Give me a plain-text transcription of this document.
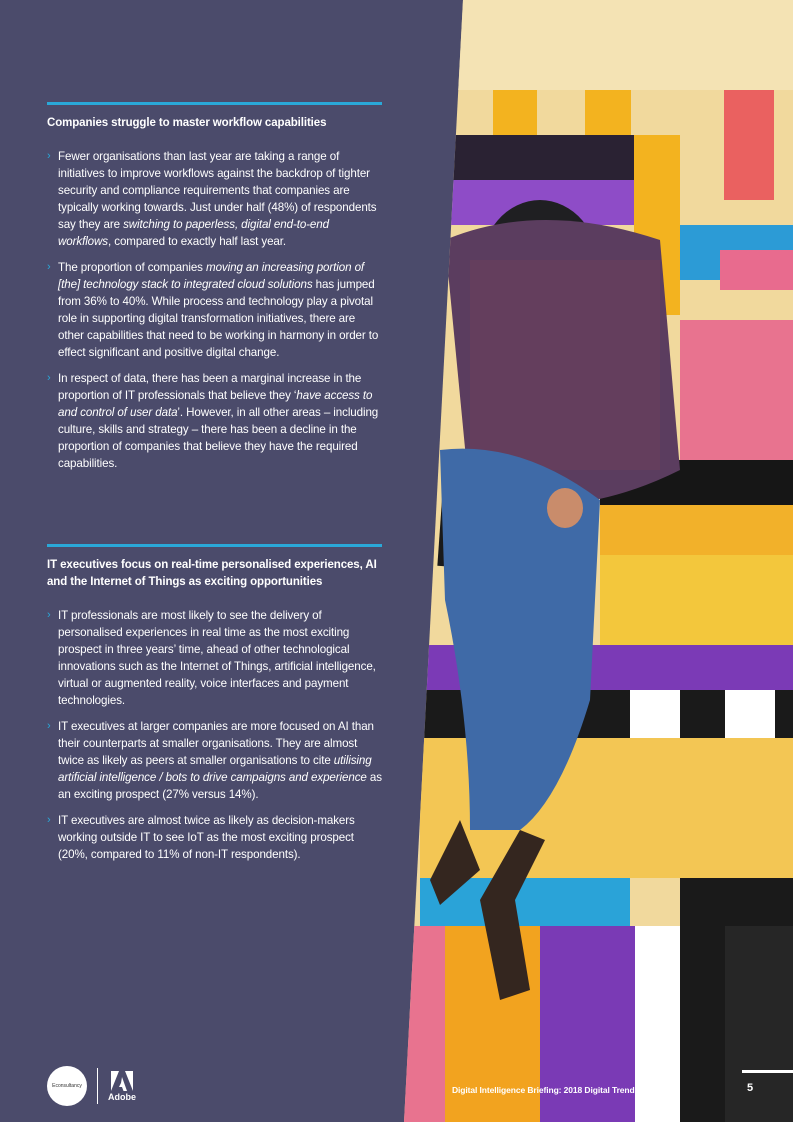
Companies struggle to master workflow capabilities
› Fewer organisations than last year are taking a range of initiatives to improve workflows against the backdrop of tighter security and compliance requirements that companies are typically working towards. Just under half (48%) of respondents say they are switching to paperless, digital end-to-end workflows, compared to exactly half last year.
› The proportion of companies moving an increasing portion of [the] technology stack to integrated cloud solutions has jumped from 36% to 40%. While process and technology play a pivotal role in supporting digital transformation initiatives, there are other capabilities that need to be working in harmony in order to effect significant and positive digital change.
› In respect of data, there has been a marginal increase in the proportion of IT professionals that believe they ‘have access to and control of user data’. However, in all other areas – including culture, skills and strategy – there has been a decline in the proportion of companies that believe they have the required capabilities.
IT executives focus on real-time personalised experiences, AI and the Internet of Things as exciting opportunities
› IT professionals are most likely to see the delivery of personalised experiences in real time as the most exciting prospect in three years’ time, ahead of other technological innovations such as the Internet of Things, artificial intelligence, virtual or augmented reality, voice interfaces and payment technologies.
› IT executives at larger companies are more focused on AI than their counterparts at smaller organisations. They are almost twice as likely as peers at smaller organisations to cite utilising artificial intelligence / bots to drive campaigns and experience as an exciting prospect (27% versus 14%).
› IT executives are almost twice as likely as decision-makers working outside IT to see IoT as the most exciting prospect (20%, compared to 11% of non-IT respondents).
Econsultancy
Adobe
Digital Intelligence Briefing: 2018 Digital Trends in IT	5
